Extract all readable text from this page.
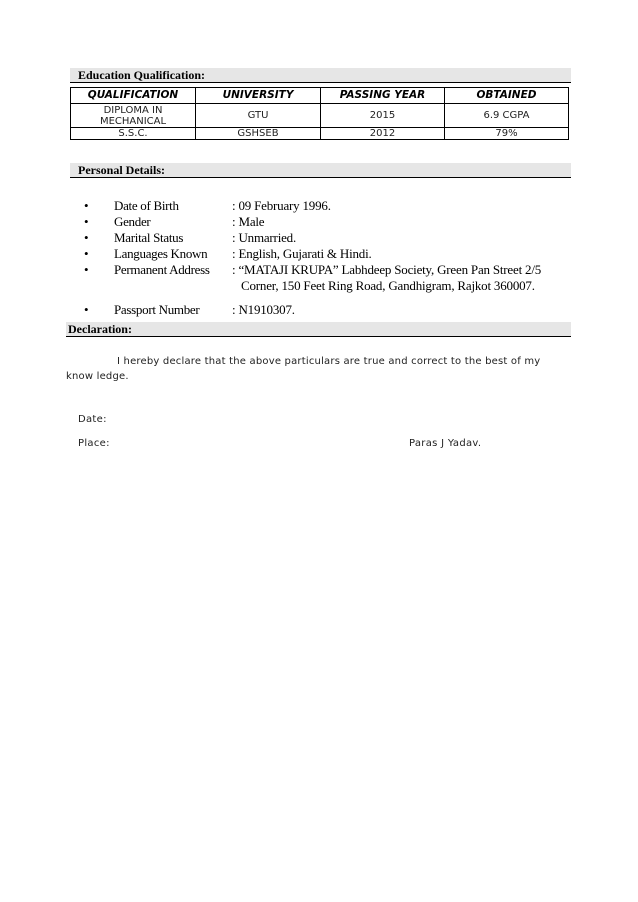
Education Qualification:
QUALIFICATION	UNIVERSITY	PASSING YEAR	OBTAINED
DIPLOMA IN
MECHANICAL	GTU	2015	6.9 CGPA
S.S.C.	GSHSEB	2012	79%
Personal Details:
•	Date of Birth	: 09 February 1996.
•	Gender	: Male
•	Marital Status	: Unmarried.
•	Languages Known : English, Gujarati & Hindi.
•	Permanent Address : “MATAJI KRUPA” Labhdeep Society, Green Pan Street 2/5
Corner, 150 Feet Ring Road, Gandhigram, Rajkot 360007.
•	Passport Number	: N1910307.
Declaration:
I hereby declare that the above particulars are true and correct to the best of my
know ledge.
Date:
Place:	Paras J Yadav.
